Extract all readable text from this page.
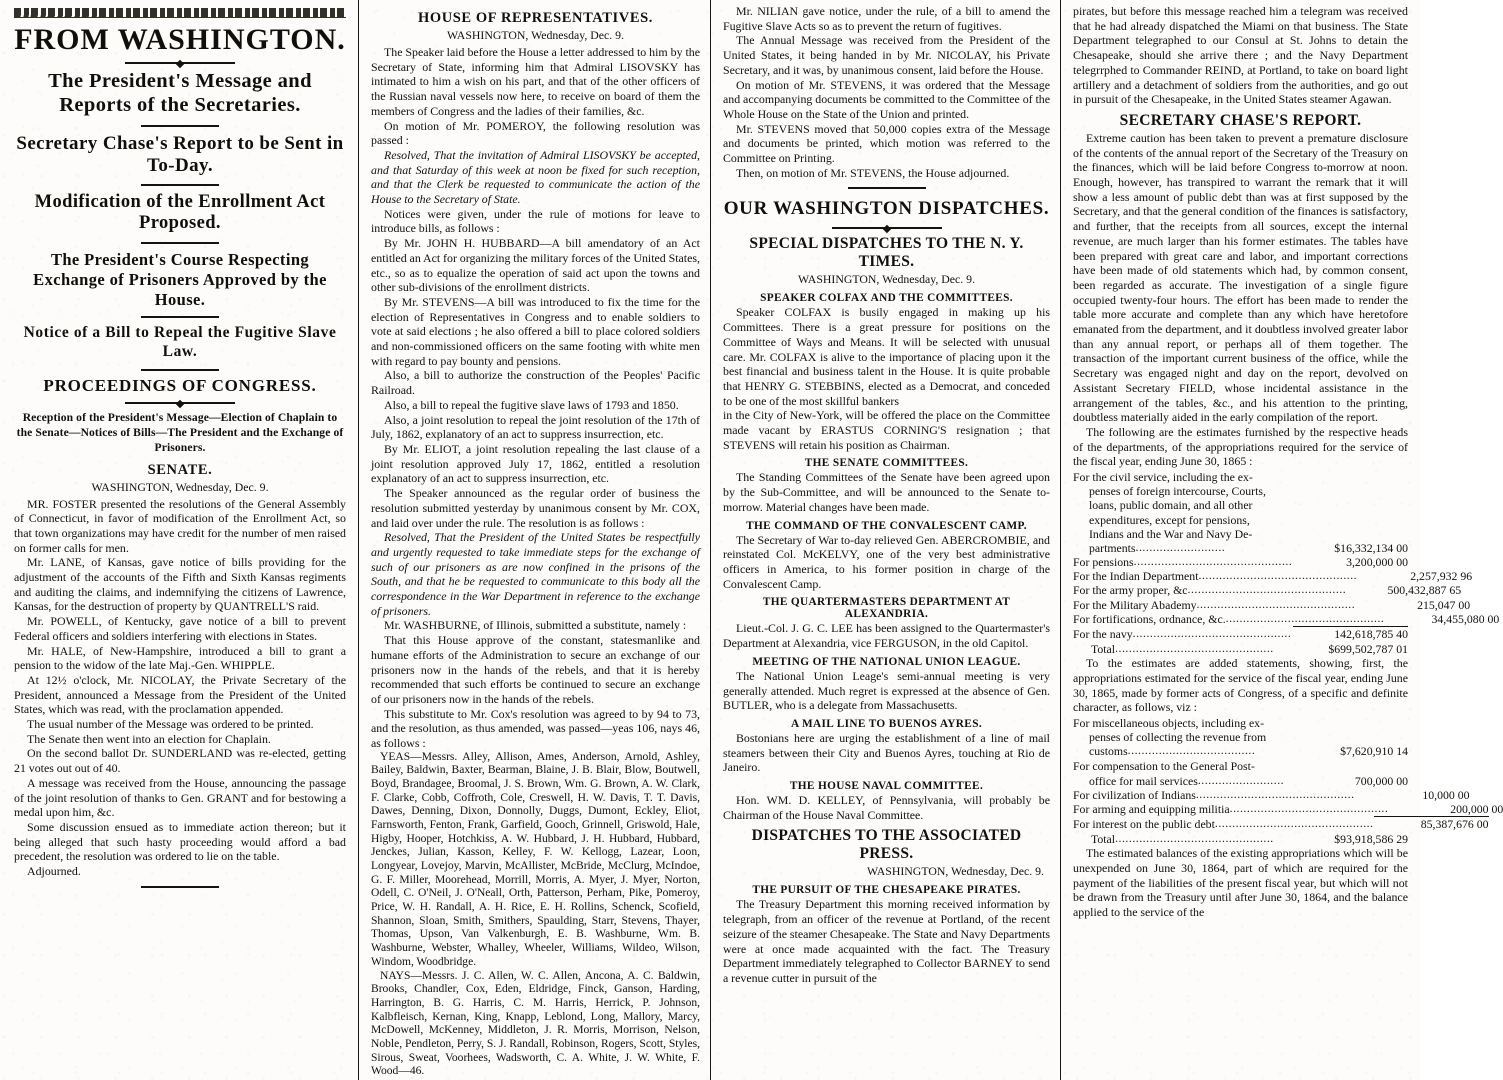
FROM WASHINGTON.
The President's Message and Reports of the Secretaries.
Secretary Chase's Report to be Sent in To-Day.
Modification of the Enrollment Act Proposed.
The President's Course Respecting Exchange of Prisoners Approved by the House.
Notice of a Bill to Repeal the Fugitive Slave Law.
PROCEEDINGS OF CONGRESS.
Reception of the President's Message—Election of Chaplain to the Senate—Notices of Bills—The President and the Exchange of Prisoners.
SENATE.
WASHINGTON, Wednesday, Dec. 9.

MR. FOSTER presented the resolutions of the General Assembly of Connecticut, in favor of modification of the Enrollment Act, so that town organizations may have credit for the number of men raised on former calls for men.

Mr. LANE, of Kansas, gave notice of bills providing for the adjustment of the accounts of the Fifth and Sixth Kansas regiments and auditing the claims, and indemnifying the citizens of Lawrence, Kansas, for the destruction of property by QUANTRELL'S raid.

Mr. POWELL, of Kentucky, gave notice of a bill to prevent Federal officers and soldiers interfering with elections in States.

Mr. HALE, of New-Hampshire, introduced a bill to grant a pension to the widow of the late Maj.-Gen. WHIPPLE.

At 12½ o'clock, Mr. NICOLAY, the Private Secretary of the President, announced a Message from the President of the United States, which was read, with the proclamation appended.

The usual number of the Message was ordered to be printed.

The Senate then went into an election for Chaplain.

On the second ballot Dr. SUNDERLAND was re-elected, getting 21 votes out out of 40.

A message was received from the House, announcing the passage of the joint resolution of thanks to Gen. GRANT and for bestowing a medal upon him, &c.

Some discussion ensued as to immediate action thereon; but it being alleged that such hasty proceeding would afford a bad precedent, the resolution was ordered to lie on the table.

Adjourned.

HOUSE OF REPRESENTATIVES.
WASHINGTON, Wednesday, Dec. 9.

The Speaker laid before the House a letter addressed to him by the Secretary of State, informing him that Admiral LISOVSKY has intimated to him a wish on his part, and that of the other officers of the Russian naval vessels now here, to receive on board of them the members of Congress and the ladies of their families, &c.

On motion of Mr. POMEROY, the following resolution was passed :

Resolved, That the invitation of Admiral LISOVSKY be accepted, and that Saturday of this week at noon be fixed for such reception, and that the Clerk be requested to communicate the action of the House to the Secretary of State.

Notices were given, under the rule of motions for leave to introduce bills, as follows :

By Mr. JOHN H. HUBBARD—A bill amendatory of an Act entitled an Act for organizing the military forces of the United States, etc., so as to equalize the operation of said act upon the towns and other sub-divisions of the enrollment districts.

By Mr. STEVENS—A bill was introduced to fix the time for the election of Representatives in Congress and to enable soldiers to vote at said elections ; he also offered a bill to place colored soldiers and non-commissioned officers on the same footing with white men with regard to pay bounty and pensions.

Also, a bill to authorize the construction of the Peoples' Pacific Railroad.

Also, a bill to repeal the fugitive slave laws of 1793 and 1850.

Also, a joint resolution to repeal the joint resolution of the 17th of July, 1862, explanatory of an act to suppress insurrection, etc.

By Mr. ELIOT, a joint resolution repealing the last clause of a joint resolution approved July 17, 1862, entitled a resolution explanatory of an act to suppress insurrection, etc.

The Speaker announced as the regular order of business the resolution submitted yesterday by unanimous consent by Mr. COX, and laid over under the rule. The resolution is as follows :

Resolved, That the President of the United States be respectfully and urgently requested to take immediate steps for the exchange of such of our prisoners as are now confined in the prisons of the South, and that he be requested to communicate to this body all the correspondence in the War Department in reference to the exchange of prisoners.

Mr. WASHBURNE, of Illinois, submitted a substitute, namely :

That this House approve of the constant, statesmanlike and humane efforts of the Administration to secure an exchange of our prisoners now in the hands of the rebels, and that it is hereby recommended that such efforts be continued to secure an exchange of our prisoners now in the hands of the rebels.

This substitute to Mr. Cox's resolution was agreed to by 94 to 73, and the resolution, as thus amended, was passed—yeas 106, nays 46, as follows :

YEAS—Messrs. Alley, Allison, Ames, Anderson, Arnold, Ashley, Bailey, Baldwin, Baxter, Bearman, Blaine, J. B. Blair, Blow, Boutwell, Boyd, Brandagee, Broomal, J. S. Brown, Wm. G. Brown, A. W. Clark, F. Clarke, Cobb, Coffroth, Cole, Creswell, H. W. Davis, T. T. Davis, Dawes, Denning, Dixon, Donnolly, Duggs, Dumont, Eckley, Eliot, Farnsworth, Fenton, Frank, Garfield, Gooch, Grinnell, Griswold, Hale, Higby, Hooper, Hotchkiss, A. W. Hubbard, J. H. Hubbard, Hubbard, Jenckes, Julian, Kasson, Kelley, F. W. Kellogg, Lazear, Loon, Longyear, Lovejoy, Marvin, McAllister, McBride, McClurg, McIndoe, G. F. Miller, Moorehead, Morrill, Morris, A. Myer, J. Myer, Norton, Odell, C. O'Neil, J. O'Neall, Orth, Patterson, Perham, Pike, Pomeroy, Price, W. H. Randall, A. H. Rice, E. H. Rollins, Schenck, Scofield, Shannon, Sloan, Smith, Smithers, Spaulding, Starr, Stevens, Thayer, Thomas, Upson, Van Valkenburgh, E. B. Washburne, Wm. B. Washburne, Webster, Whalley, Wheeler, Williams, Wildeo, Wilson, Windom, Woodbridge.

NAYS—Messrs. J. C. Allen, W. C. Allen, Ancona, A. C. Baldwin, Brooks, Chandler, Cox, Eden, Eldridge, Finck, Ganson, Harding, Harrington, B. G. Harris, C. M. Harris, Herrick, P. Johnson, Kalbfleisch, Kernan, King, Knapp, Leblond, Long, Mallory, Marcy, McDowell, McKenney, Middleton, J. R. Morris, Morrison, Nelson, Noble, Pendleton, Perry, S. J. Randall, Robinson, Rogers, Scott, Styles, Sirous, Sweat, Voorhees, Wadsworth, C. A. White, J. W. White, F. Wood—46.

Mr. NILIAN gave notice, under the rule, of a bill to amend the Fugitive Slave Acts so as to prevent the return of fugitives.

The Annual Message was received from the President of the United States, it being handed in by Mr. NICOLAY, his Private Secretary, and it was, by unanimous consent, laid before the House.

On motion of Mr. STEVENS, it was ordered that the Message and accompanying documents be committed to the Committee of the Whole House on the State of the Union and printed.

Mr. STEVENS moved that 50,000 copies extra of the Message and documents be printed, which motion was referred to the Committee on Printing.

Then, on motion of Mr. STEVENS, the House adjourned.

OUR WASHINGTON DISPATCHES.
SPECIAL DISPATCHES TO THE N. Y. TIMES.
WASHINGTON, Wednesday, Dec. 9.
SPEAKER COLFAX AND THE COMMITTEES.

Speaker COLFAX is busily engaged in making up his Committees. There is a great pressure for positions on the Committee of Ways and Means. It will be selected with unusual care. Mr. COLFAX is alive to the importance of placing upon it the best financial and business talent in the House. It is quite probable that HENRY G. STEBBINS, elected as a Democrat, and conceded to be one of the most skillful bankers

in the City of New-York, will be offered the place on the Committee made vacant by ERASTUS CORNING'S resignation ; that STEVENS will retain his position as Chairman.

THE SENATE COMMITTEES.

The Standing Committees of the Senate have been agreed upon by the Sub-Committee, and will be announced to the Senate to-morrow. Material changes have been made.

THE COMMAND OF THE CONVALESCENT CAMP.

The Secretary of War to-day relieved Gen. ABERCROMBIE, and reinstated Col. McKELVY, one of the very best administrative officers in America, to his former position in charge of the Convalescent Camp.

THE QUARTERMASTERS DEPARTMENT AT ALEXANDRIA.

Lieut.-Col. J. G. C. LEE has been assigned to the Quartermaster's Department at Alexandria, vice FERGUSON, in the old Capitol.

MEETING OF THE NATIONAL UNION LEAGUE.

The National Union Leage's semi-annual meeting is very generally attended. Much regret is expressed at the absence of Gen. BUTLER, who is a delegate from Massachusetts.

A MAIL LINE TO BUENOS AYRES.

Bostonians here are urging the establishment of a line of mail steamers between their City and Buenos Ayres, touching at Rio de Janeiro.

THE HOUSE NAVAL COMMITTEE.

Hon. WM. D. KELLEY, of Pennsylvania, will probably be Chairman of the House Naval Committee.

DISPATCHES TO THE ASSOCIATED PRESS.
WASHINGTON, Wednesday, Dec. 9.
THE PURSUIT OF THE CHESAPEAKE PIRATES.

The Treasury Department this morning received information by telegraph, from an officer of the revenue at Portland, of the recent seizure of the steamer Chesapeake. The State and Navy Departments were at once made acquainted with the fact. The Treasury Department immediately telegraphed to Collector BARNEY to send a revenue cutter in pursuit of the

pirates, but before this message reached him a telegram was received that he had already dispatched the Miami on that business. The State Department telegraphed to our Consul at St. Johns to detain the Chesapeake, should she arrive there ; and the Navy Department telegrrphed to Commander REIND, at Portland, to take on board light artillery and a detachment of soldiers from the authorities, and go out in pursuit of the Chesapeake, in the United States steamer Agawan.

SECRETARY CHASE'S REPORT.

Extreme caution has been taken to prevent a premature disclosure of the contents of the annual report of the Secretary of the Treasury on the finances, which will be laid before Congress to-morrow at noon. Enough, however, has transpired to warrant the remark that it will show a less amount of public debt than was at first supposed by the Secretary, and that the general condition of the finances is satisfactory, and further, that the receipts from all sources, except the internal revenue, are much larger than his former estimates. The tables have been prepared with great care and labor, and important corrections have been made of old statements which had, by common consent, been regarded as accurate. The investigation of a single figure occupied twenty-four hours. The effort has been made to render the table more accurate and complete than any which have heretofore emanated from the department, and it doubtless involved greater labor than any annual report, or perhaps all of them together. The transaction of the important current business of the office, while the Secretary was engaged night and day on the report, devolved on Assistant Secretary FIELD, whose incidental assistance in the arrangement of the tables, &c., and his attention to the printing, doubtless materially aided in the early compilation of the report.

The following are the estimates furnished by the respective heads of the departments, of the appropriations required for the service of the fiscal year, ending June 30, 1865 :

For the civil service, including the ex-
penses of foreign intercourse, Courts,
loans, public domain, and all other
expenditures, except for pensions,
Indians and the War and Navy De-
partments ..........................	$16,332,134 00
For pensions ..............................................	3,200,000 00
For the Indian Department ..............................................	2,257,932 96
For the army proper, &c ..............................................	500,432,887 65
For the Military Abademy ..............................................	215,047 00
For fortifications, ordnance, &c. ..............................................	34,455,080 00
For the navy ..............................................	142,618,785 40
Total ..............................................	$699,502,787 01

To the estimates are added statements, showing, first, the appropriations estimated for the service of the fiscal year, ending June 30, 1865, made by former acts of Congress, of a specific and definite character, as follows, viz :

For miscellaneous objects, including ex-
penses of collecting the revenue from
customs .....................................	$7,620,910 14
For compensation to the General Post-
office for mail services .........................	700,000 00
For civilization of Indians ..............................................	10,000 00
For arming and equipping militia ..............................................	200,000 00
For interest on the public debt ..............................................	85,387,676 00
Total ..............................................	$93,918,586 29

The estimated balances of the existing appropriations which will be unexpended on June 30, 1864, part of which are required for the payment of the liabilities of the present fiscal year, but which will not be drawn from the Treasury until after June 30, 1864, and the balance applied to the service of the
